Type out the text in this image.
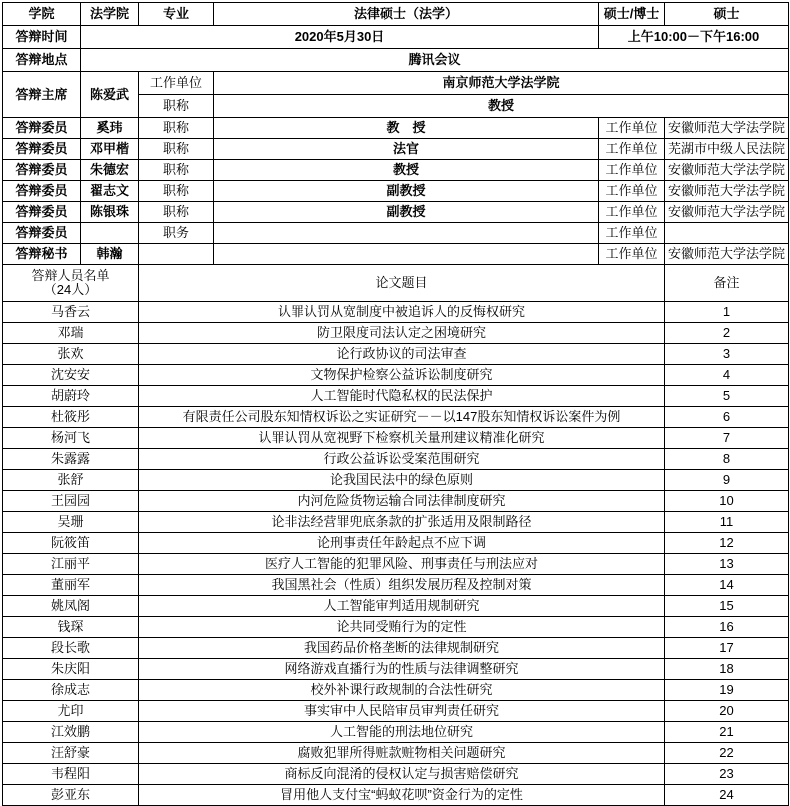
学院	法学院	专业	法律硕士（法学）	硕士/博士	硕士
答辩时间	2020年5月30日			上午10:00－下午16:00	
答辩地点	腾讯会议				
答辩主席	陈爱武	工作单位	南京师范大学法学院		
		职称	教授		
答辩委员	奚玮	职称	教　授	工作单位	安徽师范大学法学院
答辩委员	邓甲楷	职称	法官	工作单位	芜湖市中级人民法院
答辩委员	朱德宏	职称	教授	工作单位	安徽师范大学法学院
答辩委员	翟志文	职称	副教授	工作单位	安徽师范大学法学院
答辩委员	陈银珠	职称	副教授	工作单位	安徽师范大学法学院
答辩委员		职务		工作单位	
答辩秘书	韩瀚			工作单位	安徽师范大学法学院
答辩人员名单
（24人）		论文题目			备注
马香云	认罪认罚从宽制度中被追诉人的反悔权研究	1
邓瑞	防卫限度司法认定之困境研究	2
张欢	论行政协议的司法审查	3
沈安安	文物保护检察公益诉讼制度研究	4
胡蔚玲	人工智能时代隐私权的民法保护	5
杜筱彤	有限责任公司股东知情权诉讼之实证研究－－以147股东知情权诉讼案件为例	6
杨河飞	认罪认罚从宽视野下检察机关量刑建议精准化研究	7
朱露露	行政公益诉讼受案范围研究	8
张舒	论我国民法中的绿色原则	9
王园园	内河危险货物运输合同法律制度研究	10
吴珊	论非法经营罪兜底条款的扩张适用及限制路径	11
阮筱笛	论刑事责任年龄起点不应下调	12
江丽平	医疗人工智能的犯罪风险、刑事责任与刑法应对	13
董丽军	我国黑社会（性质）组织发展历程及控制对策	14
姚凤阁	人工智能审判适用规制研究	15
钱琛	论共同受贿行为的定性	16
段长歌	我国药品价格垄断的法律规制研究	17
朱庆阳	网络游戏直播行为的性质与法律调整研究	18
徐成志	校外补课行政规制的合法性研究	19
尤印	事实审中人民陪审员审判责任研究	20
江效鹏	人工智能的刑法地位研究	21
汪舒豪	腐败犯罪所得赃款赃物相关问题研究	22
韦程阳	商标反向混淆的侵权认定与损害赔偿研究	23
彭亚东	冒用他人支付宝“蚂蚁花呗”资金行为的定性	24
